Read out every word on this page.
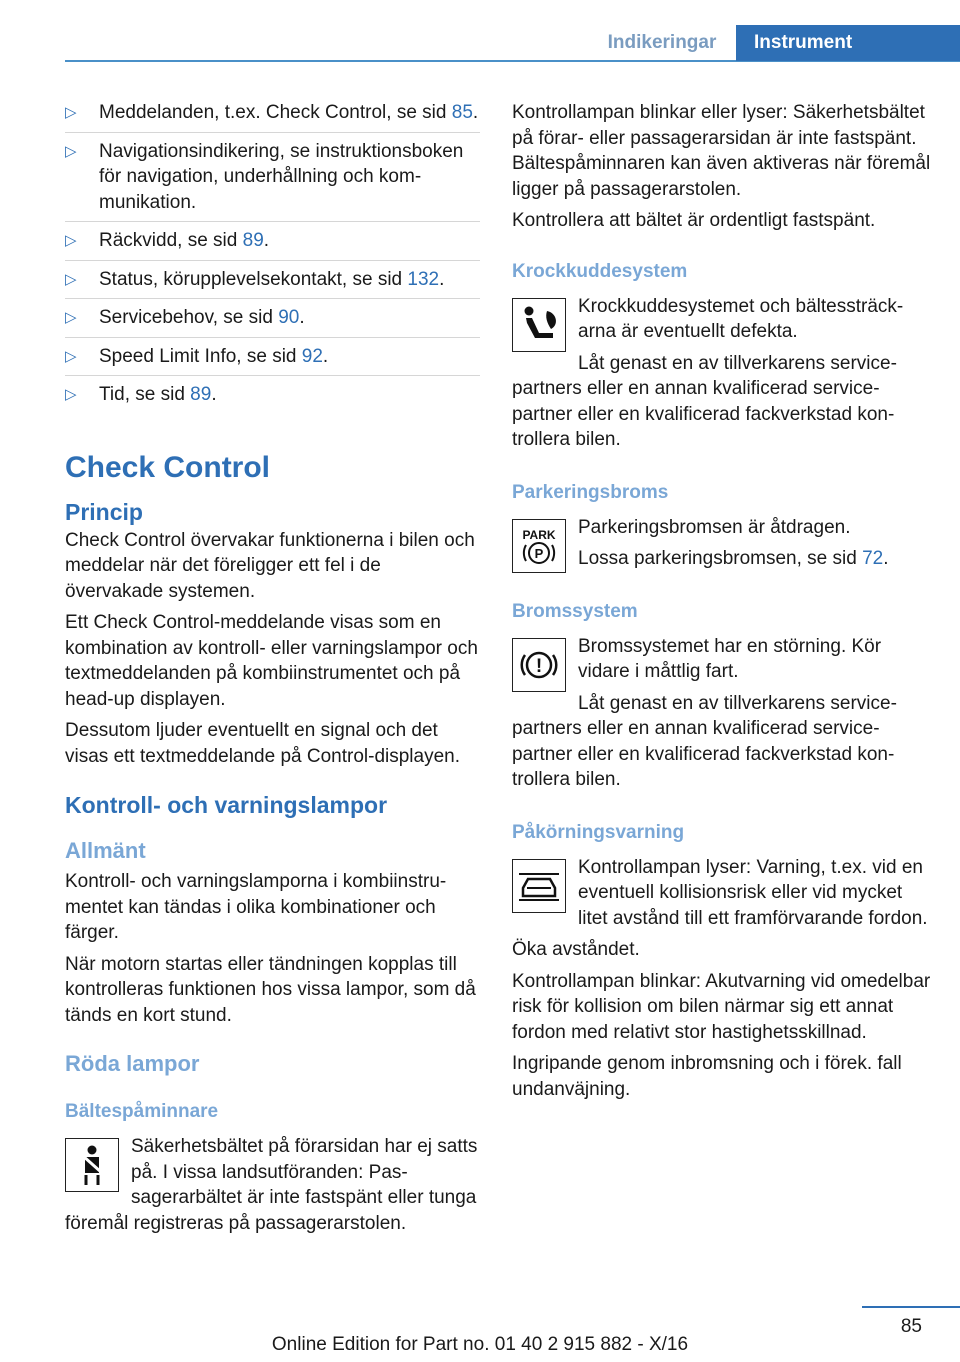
Indikeringar	Instrument
▷ Meddelanden, t.ex. Check Control, se sid 85.
▷ Navigationsindikering, se instruktionsboken för navigation, underhållning och kommunikation.
▷ Räckvidd, se sid 89.
▷ Status, körupplevelsekontakt, se sid 132.
▷ Servicebehov, se sid 90.
▷ Speed Limit Info, se sid 92.
▷ Tid, se sid 89.
Check Control
Princip

Check Control övervakar funktionerna i bilen och meddelar när det föreligger ett fel i de övervakade systemen.

Ett Check Control-meddelande visas som en kombination av kontroll- eller varningslampor och textmeddelanden på kombiinstrumentet och på head-up displayen.

Dessutom ljuder eventuellt en signal och det visas ett textmeddelande på Control-displayen.

Kontroll- och varningslampor
Allmänt

Kontroll- och varningslamporna i kombiinstrumentet kan tändas i olika kombinationer och färger.

När motorn startas eller tändningen kopplas till kontrolleras funktionen hos vissa lampor, som då tänds en kort stund.

Röda lampor
Bältespåminnare

Säkerhetsbältet på förarsidan har ej satts på. I vissa landsutföranden: Passagerarbältet är inte fastspänt eller tunga föremål registreras på passagerarstolen.

Kontrollampan blinkar eller lyser: Säkerhetsbältet på förar- eller passagerarsidan är inte fastspänt. Bältespåminnaren kan även aktiveras när föremål ligger på passagerarstolen.

Kontrollera att bältet är ordentligt fastspänt.

Krockkuddesystem

Krockkuddesystemet och bältessträckarna är eventuellt defekta.

Låt genast en av tillverkarens servicepartners eller en annan kvalificerad servicepartner eller en kvalificerad fackverkstad kontrollera bilen.

Parkeringsbroms
PARK
P

Parkeringsbromsen är åtdragen.

Lossa parkeringsbromsen, se sid 72.

Bromssystem
!

Bromssystemet har en störning. Kör vidare i måttlig fart.

Låt genast en av tillverkarens servicepartners eller en annan kvalificerad servicepartner eller en kvalificerad fackverkstad kontrollera bilen.

Påkörningsvarning

Kontrollampan lyser: Varning, t.ex. vid en eventuell kollisionsrisk eller vid mycket litet avstånd till ett framförvarande fordon.

Öka avståndet.

Kontrollampan blinkar: Akutvarning vid omedelbar risk för kollision om bilen närmar sig ett annat fordon med relativt stor hastighetsskillnad.

Ingripande genom inbromsning och i förek. fall undanväjning.

85
Online Edition for Part no. 01 40 2 915 882 - X/16
